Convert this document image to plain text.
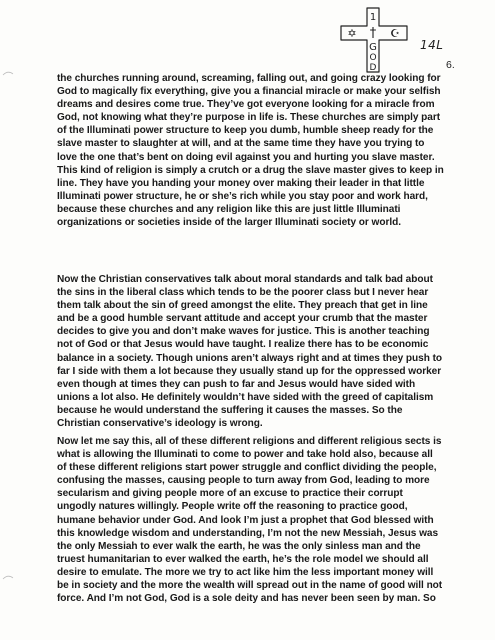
1
†
G
O
D
✡	☪
14L
6.
the churches running around, screaming, falling out, and going crazy looking for
God to magically fix everything, give you a financial miracle or make your selfish
dreams and desires come true. They’ve got everyone looking for a miracle from
God, not knowing what they’re purpose in life is. These churches are simply part
of the Illuminati power structure to keep you dumb, humble sheep ready for the
slave master to slaughter at will, and at the same time they have you trying to
love the one that’s bent on doing evil against you and hurting you slave master.
This kind of religion is simply a crutch or a drug the slave master gives to keep in
line. They have you handing your money over making their leader in that little
Illuminati power structure, he or she’s rich while you stay poor and work hard,
because these churches and any religion like this are just little Illuminati
organizations or societies inside of the larger Illuminati society or world.
Now the Christian conservatives talk about moral standards and talk bad about
the sins in the liberal class which tends to be the poorer class but I never hear
them talk about the sin of greed amongst the elite. They preach that get in line
and be a good humble servant attitude and accept your crumb that the master
decides to give you and don’t make waves for justice. This is another teaching
not of God or that Jesus would have taught. I realize there has to be economic
balance in a society. Though unions aren’t always right and at times they push to
far I side with them a lot because they usually stand up for the oppressed worker
even though at times they can push to far and Jesus would have sided with
unions a lot also. He definitely wouldn’t have sided with the greed of capitalism
because he would understand the suffering it causes the masses. So the
Christian conservative’s ideology is wrong.
Now let me say this, all of these different religions and different religious sects is
what is allowing the Illuminati to come to power and take hold also, because all
of these different religions start power struggle and conflict dividing the people,
confusing the masses, causing people to turn away from God, leading to more
secularism and giving people more of an excuse to practice their corrupt
ungodly natures willingly. People write off the reasoning to practice good,
humane behavior under God. And look I’m just a prophet that God blessed with
this knowledge wisdom and understanding, I’m not the new Messiah, Jesus was
the only Messiah to ever walk the earth, he was the only sinless man and the
truest humanitarian to ever walked the earth, he’s the role model we should all
desire to emulate. The more we try to act like him the less important money will
be in society and the more the wealth will spread out in the name of good will not
force. And I’m not God, God is a sole deity and has never been seen by man. So
